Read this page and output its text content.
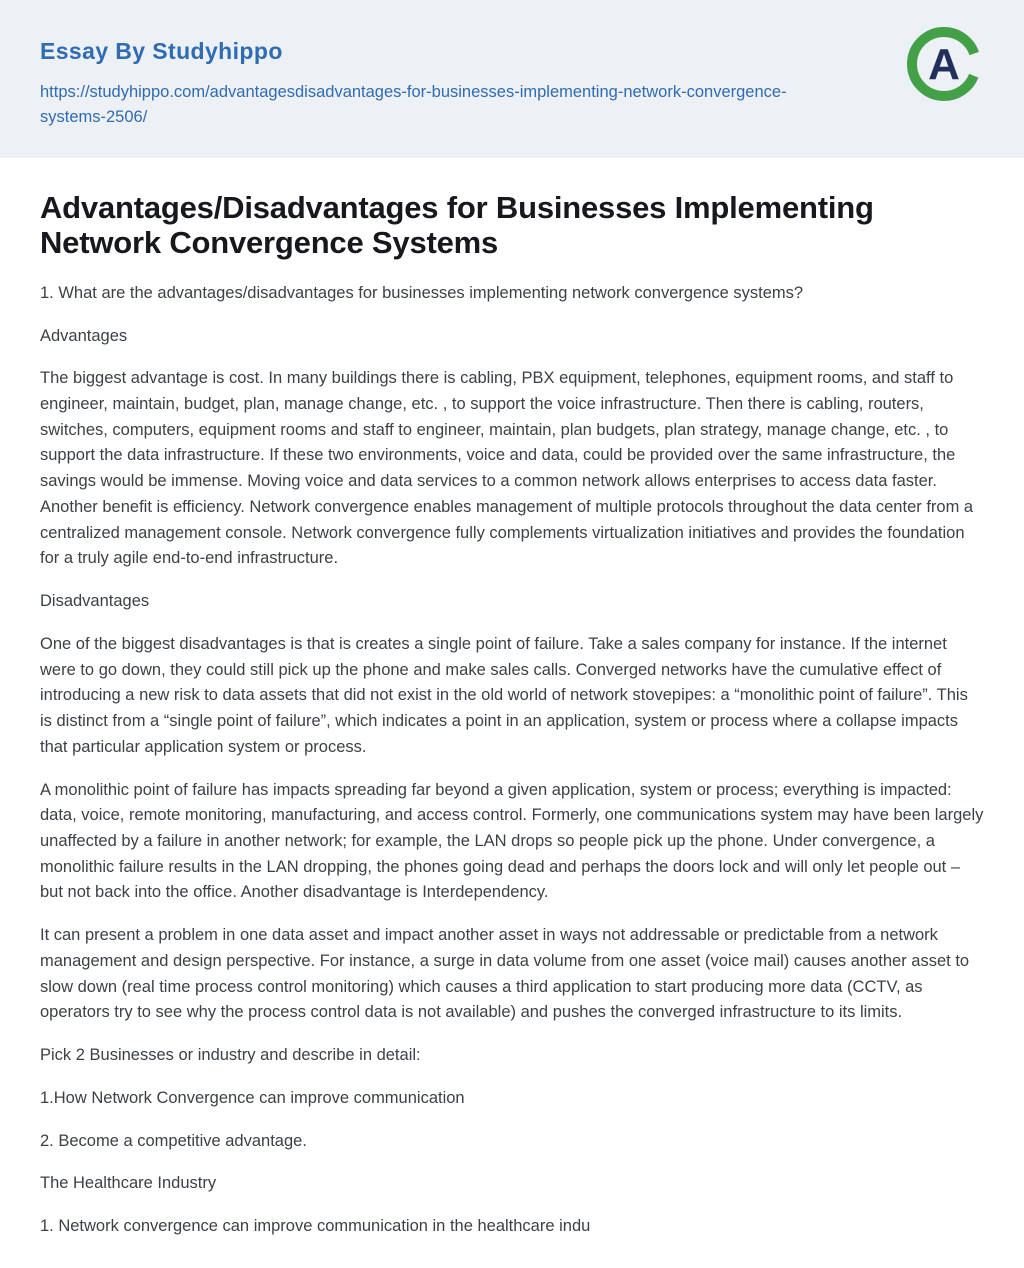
Essay By Studyhippo
https://studyhippo.com/advantagesdisadvantages-for-businesses-implementing-network-convergence-systems-2506/
A
Advantages/Disadvantages for Businesses Implementing Network Convergence Systems

1. What are the advantages/disadvantages for businesses implementing network convergence systems?

Advantages

The biggest advantage is cost. In many buildings there is cabling, PBX equipment, telephones, equipment rooms, and staff to engineer, maintain, budget, plan, manage change, etc. , to support the voice infrastructure. Then there is cabling, routers, switches, computers, equipment rooms and staff to engineer, maintain, plan budgets, plan strategy, manage change, etc. , to support the data infrastructure. If these two environments, voice and data, could be provided over the same infrastructure, the savings would be immense. Moving voice and data services to a common network allows enterprises to access data faster. Another benefit is efficiency. Network convergence enables management of multiple protocols throughout the data center from a centralized management console. Network convergence fully complements virtualization initiatives and provides the foundation for a truly agile end-to-end infrastructure.

Disadvantages

One of the biggest disadvantages is that is creates a single point of failure. Take a sales company for instance. If the internet were to go down, they could still pick up the phone and make sales calls. Converged networks have the cumulative effect of introducing a new risk to data assets that did not exist in the old world of network stovepipes: a “monolithic point of failure”. This is distinct from a “single point of failure”, which indicates a point in an application, system or process where a collapse impacts that particular application system or process.

A monolithic point of failure has impacts spreading far beyond a given application, system or process; everything is impacted: data, voice, remote monitoring, manufacturing, and access control. Formerly, one communications system may have been largely unaffected by a failure in another network; for example, the LAN drops so people pick up the phone. Under convergence, a monolithic failure results in the LAN dropping, the phones going dead and perhaps the doors lock and will only let people out – but not back into the office. Another disadvantage is Interdependency.

It can present a problem in one data asset and impact another asset in ways not addressable or predictable from a network management and design perspective. For instance, a surge in data volume from one asset (voice mail) causes another asset to slow down (real time process control monitoring) which causes a third application to start producing more data (CCTV, as operators try to see why the process control data is not available) and pushes the converged infrastructure to its limits.

Pick 2 Businesses or industry and describe in detail:

1.How Network Convergence can improve communication

2. Become a competitive advantage.

The Healthcare Industry

1. Network convergence can improve communication in the healthcare indu
